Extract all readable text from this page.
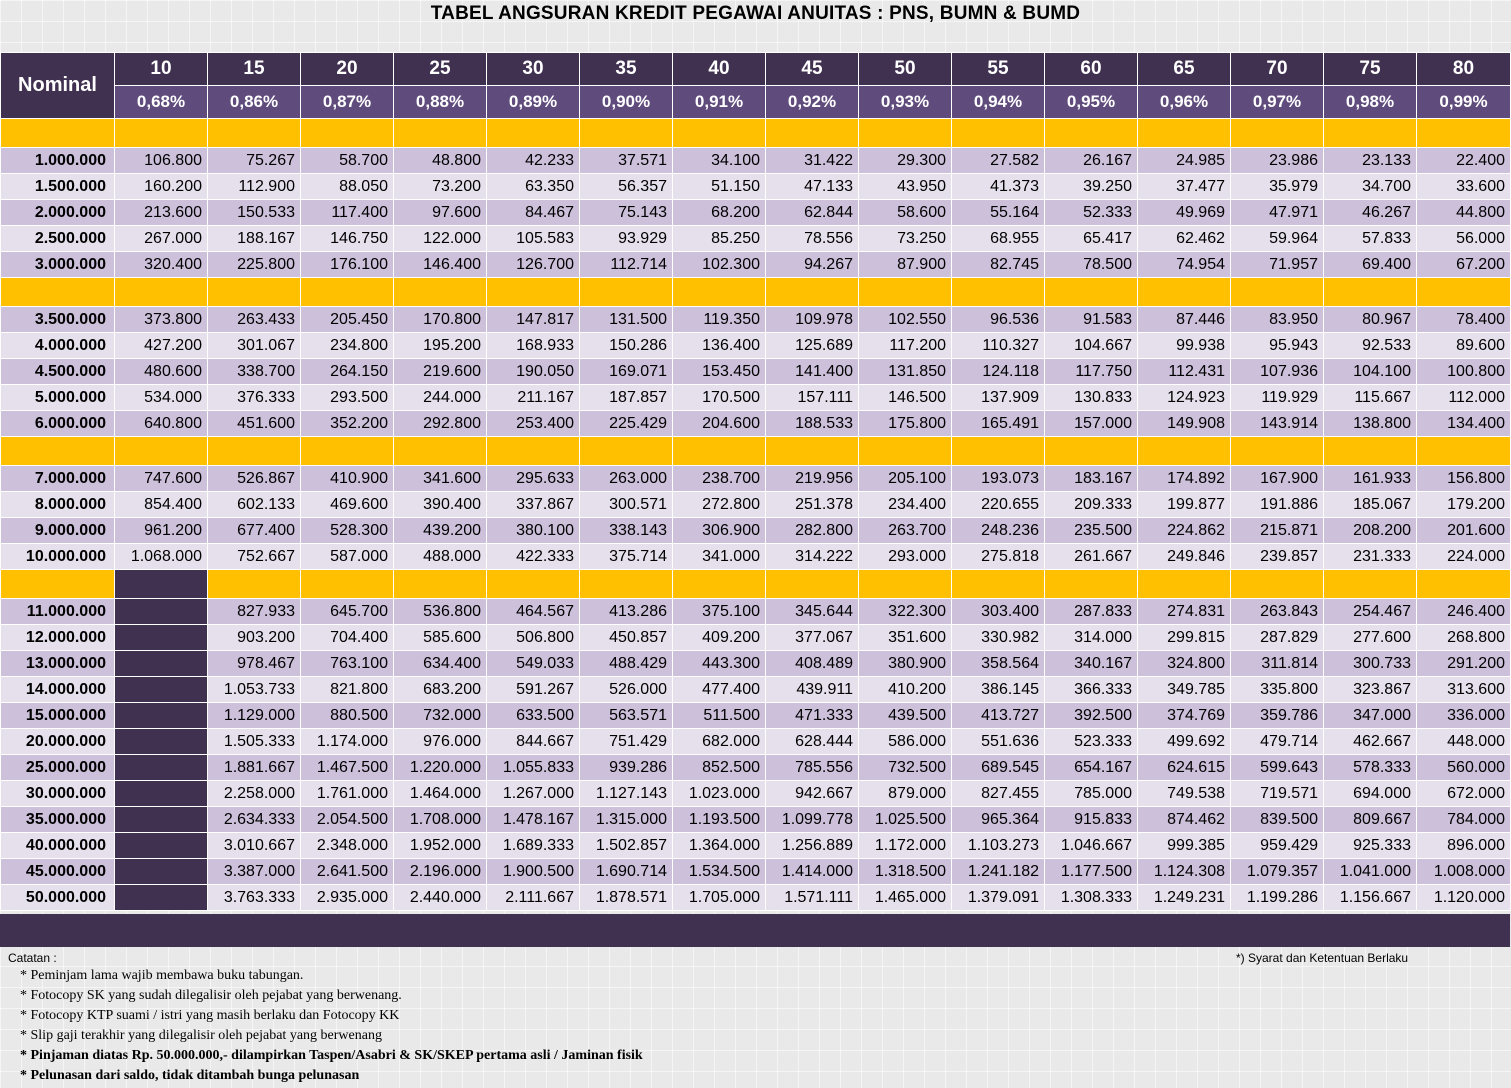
TABEL ANGSURAN KREDIT PEGAWAI ANUITAS : PNS, BUMN & BUMD
Nominal	10	15	20	25	30	35	40	45	50	55	60	65	70	75	80
	0,68%	0,86%	0,87%	0,88%	0,89%	0,90%	0,91%	0,92%	0,93%	0,94%	0,95%	0,96%	0,97%	0,98%	0,99%

1.000.000	106.800	75.267	58.700	48.800	42.233	37.571	34.100	31.422	29.300	27.582	26.167	24.985	23.986	23.133	22.400
1.500.000	160.200	112.900	88.050	73.200	63.350	56.357	51.150	47.133	43.950	41.373	39.250	37.477	35.979	34.700	33.600
2.000.000	213.600	150.533	117.400	97.600	84.467	75.143	68.200	62.844	58.600	55.164	52.333	49.969	47.971	46.267	44.800
2.500.000	267.000	188.167	146.750	122.000	105.583	93.929	85.250	78.556	73.250	68.955	65.417	62.462	59.964	57.833	56.000
3.000.000	320.400	225.800	176.100	146.400	126.700	112.714	102.300	94.267	87.900	82.745	78.500	74.954	71.957	69.400	67.200

3.500.000	373.800	263.433	205.450	170.800	147.817	131.500	119.350	109.978	102.550	96.536	91.583	87.446	83.950	80.967	78.400
4.000.000	427.200	301.067	234.800	195.200	168.933	150.286	136.400	125.689	117.200	110.327	104.667	99.938	95.943	92.533	89.600
4.500.000	480.600	338.700	264.150	219.600	190.050	169.071	153.450	141.400	131.850	124.118	117.750	112.431	107.936	104.100	100.800
5.000.000	534.000	376.333	293.500	244.000	211.167	187.857	170.500	157.111	146.500	137.909	130.833	124.923	119.929	115.667	112.000
6.000.000	640.800	451.600	352.200	292.800	253.400	225.429	204.600	188.533	175.800	165.491	157.000	149.908	143.914	138.800	134.400

7.000.000	747.600	526.867	410.900	341.600	295.633	263.000	238.700	219.956	205.100	193.073	183.167	174.892	167.900	161.933	156.800
8.000.000	854.400	602.133	469.600	390.400	337.867	300.571	272.800	251.378	234.400	220.655	209.333	199.877	191.886	185.067	179.200
9.000.000	961.200	677.400	528.300	439.200	380.100	338.143	306.900	282.800	263.700	248.236	235.500	224.862	215.871	208.200	201.600
10.000.000	1.068.000	752.667	587.000	488.000	422.333	375.714	341.000	314.222	293.000	275.818	261.667	249.846	239.857	231.333	224.000

11.000.000		827.933	645.700	536.800	464.567	413.286	375.100	345.644	322.300	303.400	287.833	274.831	263.843	254.467	246.400
12.000.000		903.200	704.400	585.600	506.800	450.857	409.200	377.067	351.600	330.982	314.000	299.815	287.829	277.600	268.800
13.000.000		978.467	763.100	634.400	549.033	488.429	443.300	408.489	380.900	358.564	340.167	324.800	311.814	300.733	291.200
14.000.000		1.053.733	821.800	683.200	591.267	526.000	477.400	439.911	410.200	386.145	366.333	349.785	335.800	323.867	313.600
15.000.000		1.129.000	880.500	732.000	633.500	563.571	511.500	471.333	439.500	413.727	392.500	374.769	359.786	347.000	336.000
20.000.000		1.505.333	1.174.000	976.000	844.667	751.429	682.000	628.444	586.000	551.636	523.333	499.692	479.714	462.667	448.000
25.000.000		1.881.667	1.467.500	1.220.000	1.055.833	939.286	852.500	785.556	732.500	689.545	654.167	624.615	599.643	578.333	560.000
30.000.000		2.258.000	1.761.000	1.464.000	1.267.000	1.127.143	1.023.000	942.667	879.000	827.455	785.000	749.538	719.571	694.000	672.000
35.000.000		2.634.333	2.054.500	1.708.000	1.478.167	1.315.000	1.193.500	1.099.778	1.025.500	965.364	915.833	874.462	839.500	809.667	784.000
40.000.000		3.010.667	2.348.000	1.952.000	1.689.333	1.502.857	1.364.000	1.256.889	1.172.000	1.103.273	1.046.667	999.385	959.429	925.333	896.000
45.000.000		3.387.000	2.641.500	2.196.000	1.900.500	1.690.714	1.534.500	1.414.000	1.318.500	1.241.182	1.177.500	1.124.308	1.079.357	1.041.000	1.008.000
50.000.000		3.763.333	2.935.000	2.440.000	2.111.667	1.878.571	1.705.000	1.571.111	1.465.000	1.379.091	1.308.333	1.249.231	1.199.286	1.156.667	1.120.000
Catatan :
* Peminjam lama wajib membawa buku tabungan.
* Fotocopy SK yang sudah dilegalisir oleh pejabat yang berwenang.
* Fotocopy KTP suami / istri yang masih berlaku dan Fotocopy KK
* Slip gaji terakhir yang dilegalisir oleh pejabat yang berwenang
* Pinjaman diatas Rp. 50.000.000,- dilampirkan Taspen/Asabri & SK/SKEP pertama asli / Jaminan fisik
* Pelunasan dari saldo, tidak ditambah bunga pelunasan
*) Syarat dan Ketentuan Berlaku
